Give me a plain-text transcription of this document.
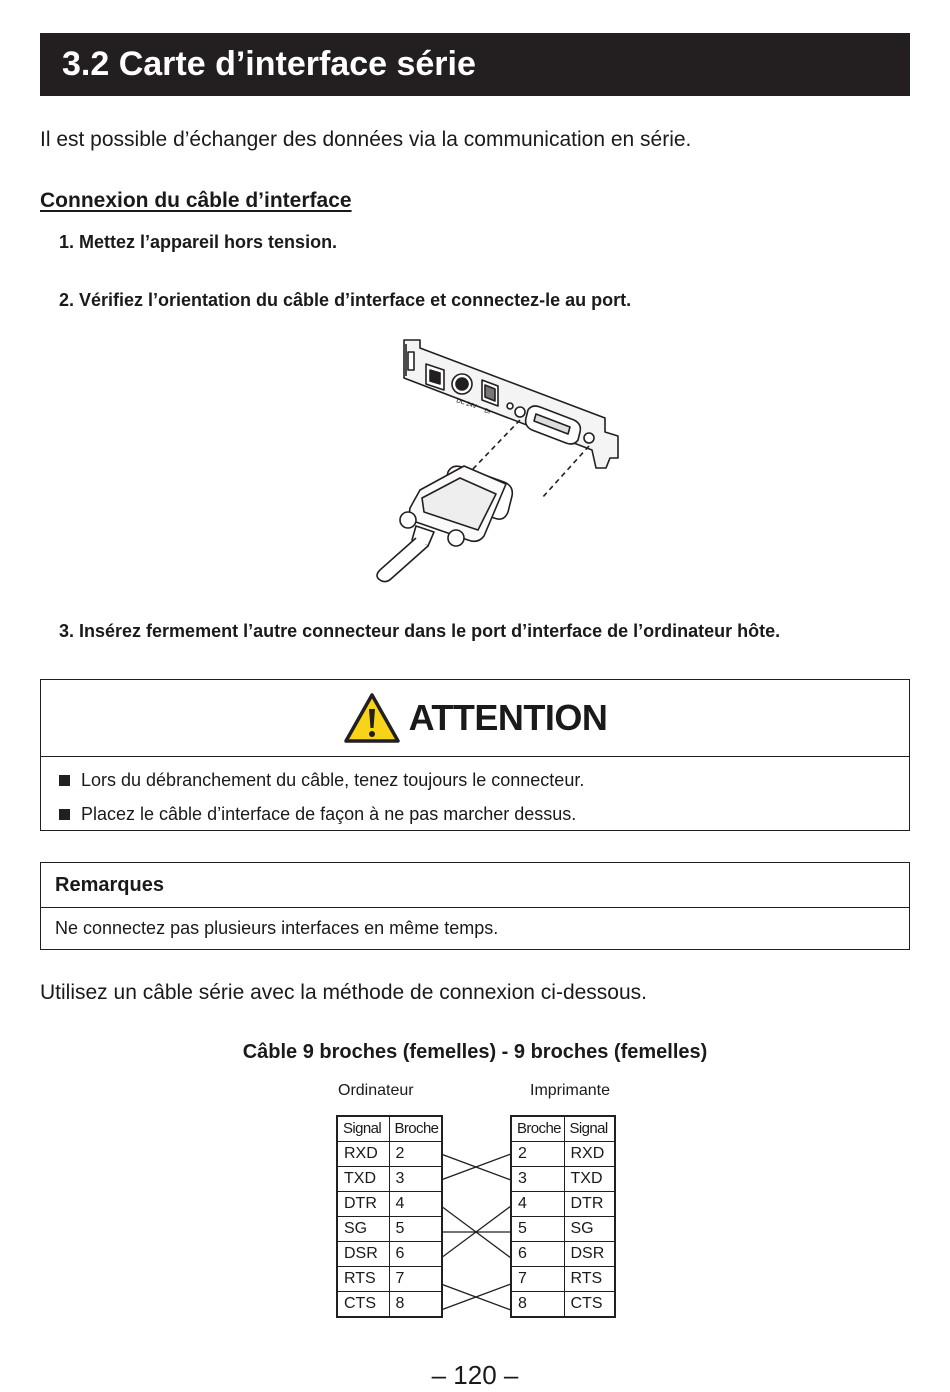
3.2 Carte d’interface série
Il est possible d’échanger des données via la communication en série.
Connexion du câble d’interface
1. Mettez l’appareil hors tension.
2. Vérifiez l’orientation du câble d’interface et connectez-le au port.
DC 24V
Dr
3. Insérez fermement l’autre connecteur dans le port d’interface de l’ordinateur hôte.
ATTENTION
Lors du débranchement du câble, tenez toujours le connecteur.
Placez le câble d’interface de façon à ne pas marcher dessus.
Remarques
Ne connectez pas plusieurs interfaces en même temps.
Utilisez un câble série avec la méthode de connexion ci-dessous.
Câble 9 broches (femelles) - 9 broches (femelles)
Ordinateur	Imprimante
Signal	Broche
RXD	2
TXD	3
DTR	4
SG	5
DSR	6
RTS	7
CTS	8
Broche	Signal
2	RXD
3	TXD
4	DTR
5	SG
6	DSR
7	RTS
8	CTS
– 120 –
